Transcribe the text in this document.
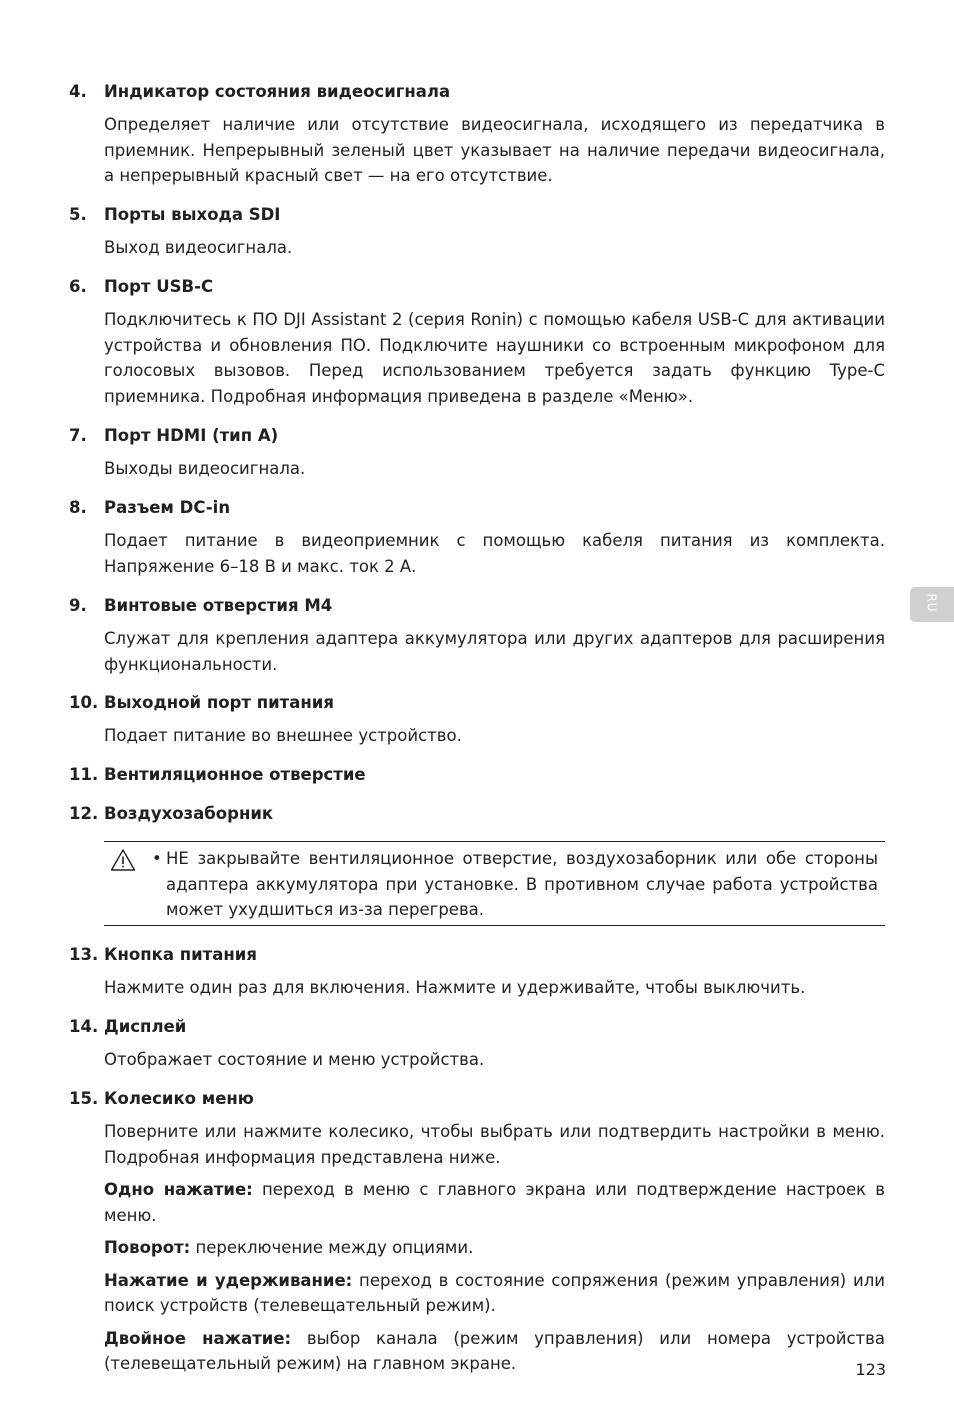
4. Индикатор состояния видеосигнала
Определяет наличие или отсутствие видеосигнала, исходящего из передатчика в приемник. Непрерывный зеленый цвет указывает на наличие передачи видеосигнала, а непрерывный красный свет — на его отсутствие.
5. Порты выхода SDI
Выход видеосигнала.
6. Порт USB-C
Подключитесь к ПО DJI Assistant 2 (серия Ronin) с помощью кабеля USB-C для активации устройства и обновления ПО. Подключите наушники со встроенным микрофоном для голосовых вызовов. Перед использованием требуется задать функцию Type-C приемника. Подробная информация приведена в разделе «Меню».
7. Порт HDMI (тип A)
Выходы видеосигнала.
8. Разъем DC-in
Подает питание в видеоприемник с помощью кабеля питания из комплекта. Напряжение 6–18 В и макс. ток 2 А.
9. Винтовые отверстия M4
Служат для крепления адаптера аккумулятора или других адаптеров для расширения функциональности.
10. Выходной порт питания
Подает питание во внешнее устройство.
11. Вентиляционное отверстие
12. Воздухозаборник
• НЕ закрывайте вентиляционное отверстие, воздухозаборник или обе стороны адаптера аккумулятора при установке. В противном случае работа устройства может ухудшиться из-за перегрева.
13. Кнопка питания
Нажмите один раз для включения. Нажмите и удерживайте, чтобы выключить.
14. Дисплей
Отображает состояние и меню устройства.
15. Колесико меню
Поверните или нажмите колесико, чтобы выбрать или подтвердить настройки в меню. Подробная информация представлена ниже.
Одно нажатие: переход в меню с главного экрана или подтверждение настроек в меню.
Поворот: переключение между опциями.
Нажатие и удерживание: переход в состояние сопряжения (режим управления) или поиск устройств (телевещательный режим).
Двойное нажатие: выбор канала (режим управления) или номера устройства (телевещательный режим) на главном экране.
RU
123
